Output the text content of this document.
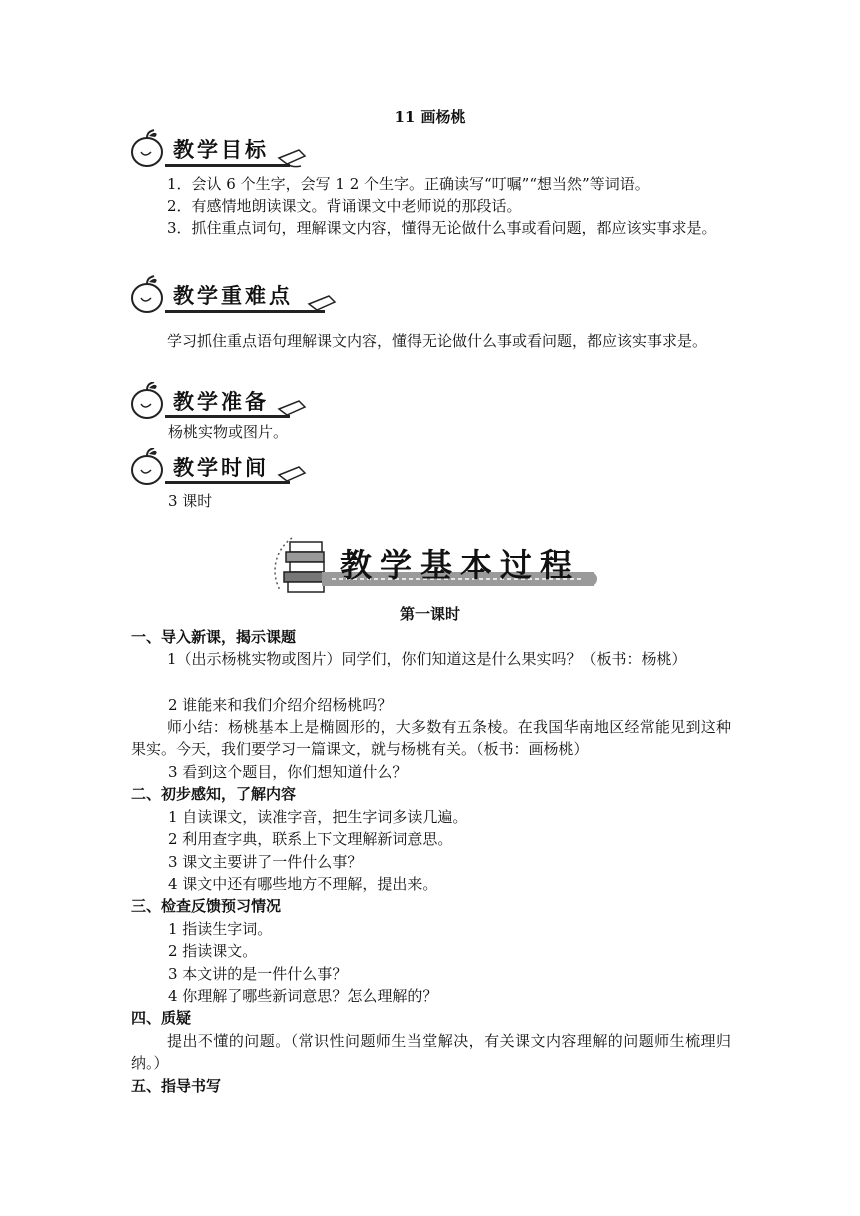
11 画杨桃
教学目标
1．会认 6 个生字，会写 1 2 个生字。正确读写“叮嘱”“想当然”等词语。
2．有感情地朗读课文。背诵课文中老师说的那段话。
3．抓住重点词句，理解课文内容，懂得无论做什么事或看问题，都应该实事求是。
教学重难点
学习抓住重点语句理解课文内容，懂得无论做什么事或看问题，都应该实事求是。
教学准备
杨桃实物或图片。
教学时间
3 课时
教学基本过程
第一课时
一、导入新课，揭示课题
1（出示杨桃实物或图片）同学们，你们知道这是什么果实吗？（板书：杨桃）
2 谁能来和我们介绍介绍杨桃吗？
师小结：杨桃基本上是椭圆形的，大多数有五条棱。在我国华南地区经常能见到这种果实。今天，我们要学习一篇课文，就与杨桃有关。（板书：画杨桃）
3 看到这个题目，你们想知道什么？
二、初步感知，了解内容
1 自读课文，读准字音，把生字词多读几遍。
2 利用查字典，联系上下文理解新词意思。
3 课文主要讲了一件什么事？
4 课文中还有哪些地方不理解，提出来。
三、检查反馈预习情况
1 指读生字词。
2 指读课文。
3 本文讲的是一件什么事？
4 你理解了哪些新词意思？怎么理解的？
四、质疑
提出不懂的问题。（常识性问题师生当堂解决，有关课文内容理解的问题师生梳理归纳。）
五、指导书写
